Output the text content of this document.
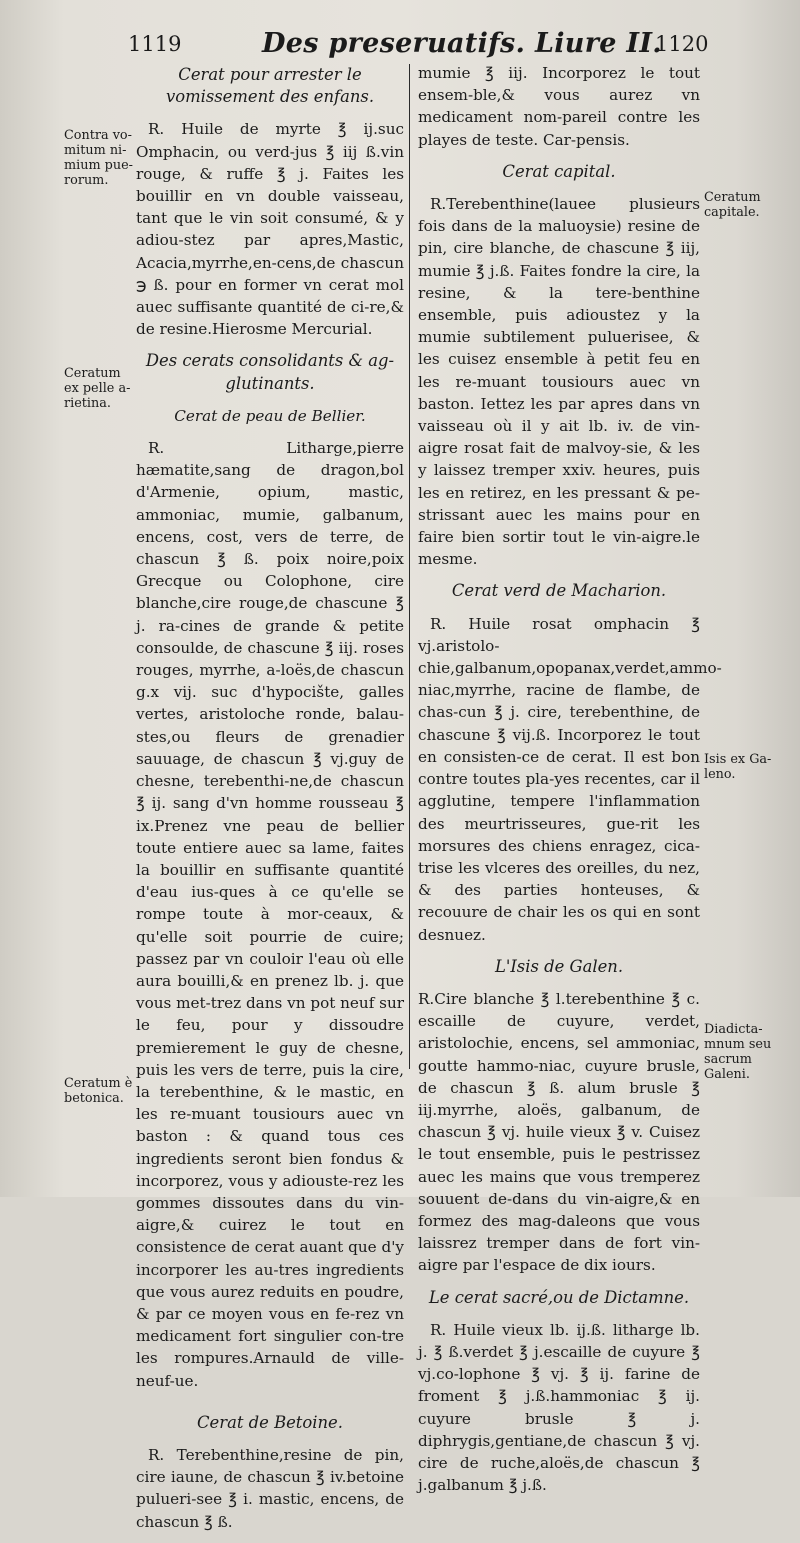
1119	Des preseruatifs. Liure II.
1120
Cerat pour arrester le vomissement des enfans.

R. Huile de myrte ℥ ij.suc Omphacin, ou verd-jus ℥ iij ß.vin rouge, & ruffe ℥ j. Faites les bouillir en vn double vaisseau, tant que le vin soit consumé, & y adiou-stez par apres,Mastic, Acacia,myrrhe,en-cens,de chascun ℈ ß. pour en former vn cerat mol auec suffisante quantité de ci-re,& de resine.Hierosme Mercurial.

Des cerats consolidants & ag-glutinants.
Cerat de peau de Bellier.

R. Litharge,pierre hæmatite,sang de dragon,bol d'Armenie, opium, mastic, ammoniac, mumie, galbanum, encens, cost, vers de terre, de chascun ℥ ß. poix noire,poix Grecque ou Colophone, cire blanche,cire rouge,de chascune ℥ j. ra-cines de grande & petite consoulde, de chascune ℥ iij. roses rouges, myrrhe, a-loës,de chascun g.x vij. suc d'hypocište, galles vertes, aristoloche ronde, balau-stes,ou fleurs de grenadier sauuage, de chascun ℥ vj.guy de chesne, terebenthi-ne,de chascun ℥ ij. sang d'vn homme rousseau ℥ ix.Prenez vne peau de bellier toute entiere auec sa lame, faites la bouillir en suffisante quantité d'eau ius-ques à ce qu'elle se rompe toute à mor-ceaux, & qu'elle soit pourrie de cuire; passez par vn couloir l'eau où elle aura bouilli,& en prenez lb. j. que vous met-trez dans vn pot neuf sur le feu, pour y dissoudre premierement le guy de chesne, puis les vers de terre, puis la cire, la terebenthine, & le mastic, en les re-muant tousiours auec vn baston : & quand tous ces ingredients seront bien fondus & incorporez, vous y adiouste-rez les gommes dissoutes dans du vin-aigre,& cuirez le tout en consistence de cerat auant que d'y incorporer les au-tres ingredients que vous aurez reduits en poudre, & par ce moyen vous en fe-rez vn medicament fort singulier con-tre les rompures.Arnauld de ville-neuf-ue.

Cerat de Betoine.

R. Terebenthine,resine de pin, cire iaune, de chascun ℥ iv.betoine pulueri-see ℥ i. mastic, encens, de chascun ℥ ß.

mumie ℥ iij. Incorporez le tout ensem-ble,& vous aurez vn medicament nom-pareil contre les playes de teste. Car-pensis.

Cerat capital.

R.Terebenthine(lauee plusieurs fois dans de la maluoysie) resine de pin, cire blanche, de chascune ℥ iij, mumie ℥ j.ß. Faites fondre la cire, la resine, & la tere-benthine ensemble, puis adioustez y la mumie subtilement puluerisee, & les cuisez ensemble à petit feu en les re-muant tousiours auec vn baston. Iettez les par apres dans vn vaisseau où il y ait lb. iv. de vin-aigre rosat fait de malvoy-sie, & les y laissez tremper xxiv. heures, puis les en retirez, en les pressant & pe-strissant auec les mains pour en faire bien sortir tout le vin-aigre.le mesme.

Cerat verd de Macharion.

R. Huile rosat omphacin ℥ vj.aristolo-chie,galbanum,opopanax,verdet,ammo-niac,myrrhe, racine de flambe, de chas-cun ℥ j. cire, terebenthine, de chascune ℥ vij.ß. Incorporez le tout en consisten-ce de cerat. Il est bon contre toutes pla-yes recentes, car il agglutine, tempere l'inflammation des meurtrisseures, gue-rit les morsures des chiens enragez, cica-trise les vlceres des oreilles, du nez, & des parties honteuses, & recouure de chair les os qui en sont desnuez.

L'Isis de Galen.

R.Cire blanche ℥ l.terebenthine ℥ c. escaille de cuyure, verdet, aristolochie, encens, sel ammoniac, goutte hammo-niac, cuyure brusle, de chascun ℥ ß. alum brusle ℥ iij.myrrhe, aloës, galbanum, de chascun ℥ vj. huile vieux ℥ v. Cuisez le tout ensemble, puis le pestrissez auec les mains que vous tremperez souuent de-dans du vin-aigre,& en formez des mag-daleons que vous laissrez tremper dans de fort vin-aigre par l'espace de dix iours.

Le cerat sacré,ou de Dictamne.

R. Huile vieux lb. ij.ß. litharge lb. j. ℥ ß.verdet ℥ j.escaille de cuyure ℥ vj.co-lophone ℥ vj. ℥ ij. farine de froment ℥ j.ß.hammoniac ℥ ij. cuyure brusle ℥ j. diphrygis,gentiane,de chascun ℥ vj. cire de ruche,aloës,de chascun ℥ j.galbanum ℥ j.ß.

Contra vo-mitum ni-mium pue-rorum.
Ceratum ex pelle a-rietina.
Ceratum è betonica.
Ceratum capitale.
Isis ex Ga-leno.
Diadicta-mnum seu sacrum Galeni.
